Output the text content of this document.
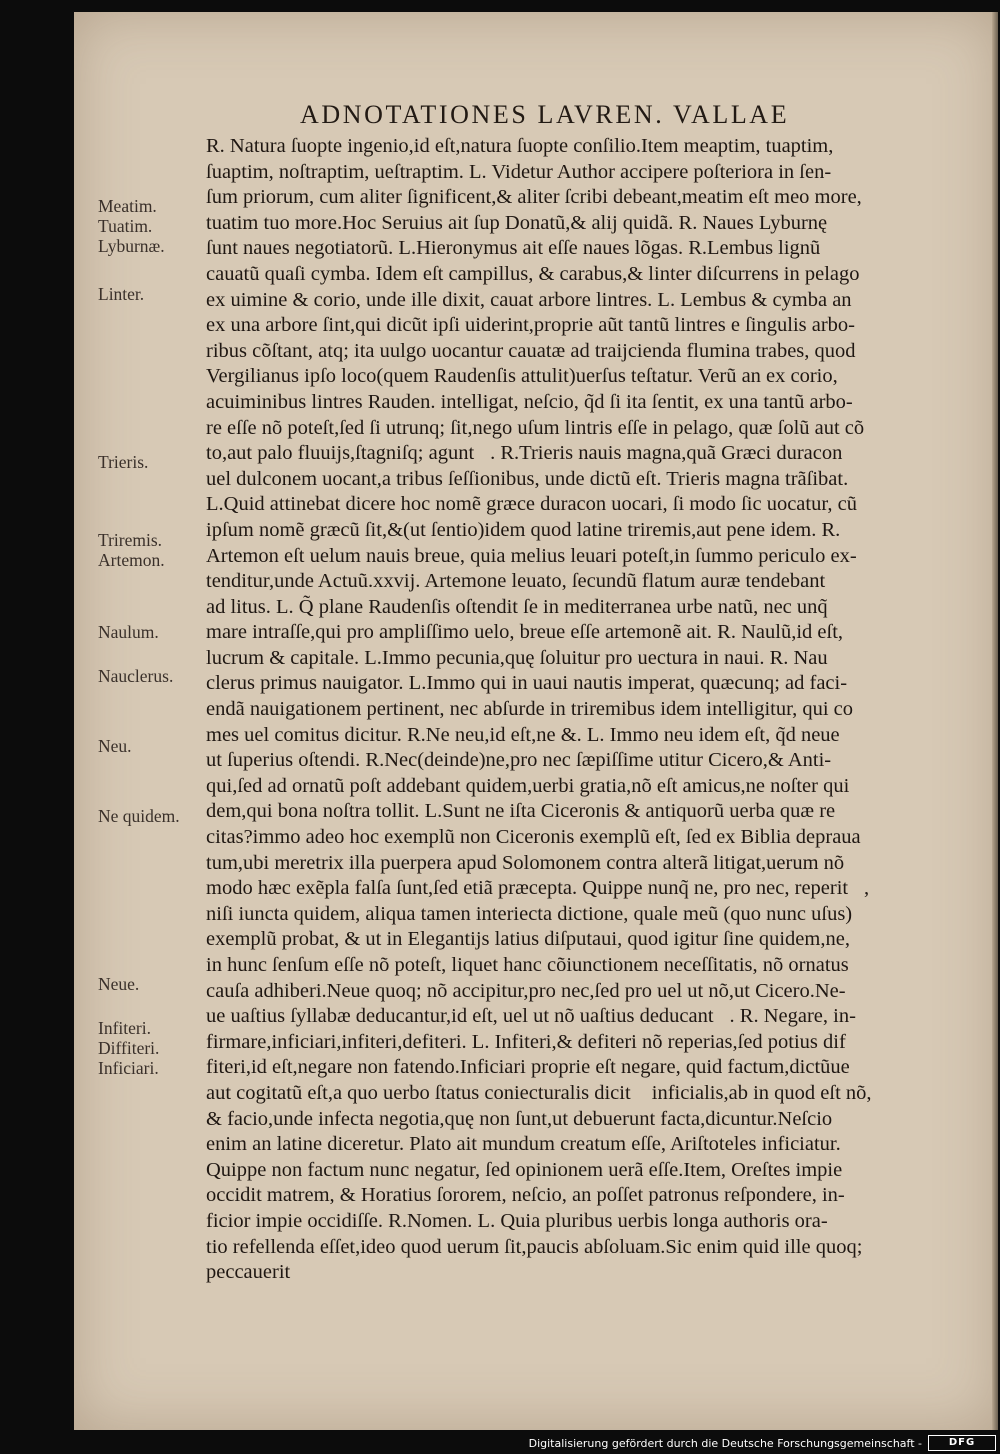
ADNOTATIONES LAVREN. VALLAE
Meatim.
Tuatim.
Lyburnæ.
Linter.
Trieris.
Triremis.
Artemon.
Naulum.
Nauclerus.
Neu.
Ne quidem.
Neue.
Infiteri.
Diffiteri.
Inficiari.
R. Natura ſuopte ingenio,id eſt,natura ſuopte conſilio.Item meaptim, tuaptim,
ſuaptim, noſtraptim, ueſtraptim. L. Videtur Author accipere poſteriora in ſen-
ſum priorum, cum aliter ſignificent,& aliter ſcribi debeant,meatim eſt meo more,
tuatim tuo more.Hoc Seruius ait ſup Donatũ,& alij quidã. R. Naues Lyburnę
ſunt naues negotiatorũ. L.Hieronymus ait eſſe naues lõgas. R.Lembus lignũ
cauatũ quaſi cymba. Idem eſt campillus, & carabus,& linter diſcurrens in pelago
ex uimine & corio, unde ille dixit, cauat arbore lintres. L. Lembus & cymba an
ex una arbore ſint,qui dicũt ipſi uiderint,proprie aũt tantũ lintres e ſingulis arbo-
ribus cõſtant, atq; ita uulgo uocantur cauatæ ad traijcienda flumina trabes, quod
Vergilianus ipſo loco(quem Raudenſis attulit)uerſus teſtatur. Verũ an ex corio,
acuiminibus lintres Rauden. intelligat, neſcio, q̃d ſi ita ſentit, ex una tantũ arbo-
re eſſe nõ poteſt,ſed ſi utrunq; ſit,nego uſum lintris eſſe in pelago, quæ ſolũ aut cõ
to,aut palo fluuijs,ſtagniſq; aguntᷣ. R.Trieris nauis magna,quã Græci duracon
uel dulconem uocant,a tribus ſeſſionibus, unde dictũ eſt. Trieris magna trãſibat.
L.Quid attinebat dicere hoc nomẽ græce duracon uocari, ſi modo ſic uocatur, cũ
ipſum nomẽ græcũ ſit,&(ut ſentio)idem quod latine triremis,aut pene idem. R.
Artemon eſt uelum nauis breue, quia melius leuari poteſt,in ſummo periculo ex-
tenditur,unde Actuũ.xxvij. Artemone leuato, ſecundũ flatum auræ tendebant
ad litus. L. Q̃ plane Raudenſis oſtendit ſe in mediterranea urbe natũ, nec unq̃
mare intraſſe,qui pro ampliſſimo uelo, breue eſſe artemonẽ ait. R. Naulũ,id eſt,
lucrum & capitale. L.Immo pecunia,quę ſoluitur pro uectura in naui. R. Nau
clerus primus nauigator. L.Immo qui in uaui nautis imperat, quæcunq; ad faci-
endã nauigationem pertinent, nec abſurde in triremibus idem intelligitur, qui co
mes uel comitus dicitur. R.Ne neu,id eſt,ne &. L. Immo neu idem eſt, q̃d neue
ut ſuperius oſtendi. R.Nec(deinde)ne,pro nec ſæpiſſime utitur Cicero,& Anti-
qui,ſed ad ornatũ poſt addebant quidem,uerbi gratia,nõ eſt amicus,ne noſter qui
dem,qui bona noſtra tollit. L.Sunt ne iſta Ciceronis & antiquorũ uerba quæ re
citas?immo adeo hoc exemplũ non Ciceronis exemplũ eſt, ſed ex Biblia deprauа
tum,ubi meretrix illa puerpera apud Solomonem contra alterã litigat,uerum nõ
modo hæc exẽpla falſa ſunt,ſed etiã præcepta. Quippe nunq̃ ne, pro nec, reperitᷣ,
niſi iuncta quidem, aliqua tamen interiecta dictione, quale meũ (quo nunc uſus)
exemplũ probat, & ut in Elegantijs latius diſputaui, quod igitur ſine quidem,ne,
in hunc ſenſum eſſe nõ poteſt, liquet hanc cõiunctionem neceſſitatis, nõ ornatus
cauſa adhiberi.Neue quoq; nõ accipitur,pro nec,ſed pro uel ut nõ,ut Cicero.Ne-
ue uaſtius ſyllabæ deducantur,id eſt, uel ut nõ uaſtius deducantᷣ. R. Negare, in-
firmare,inficiari,infiteri,defiteri. L. Infiteri,& defiteri nõ reperias,ſed potius dif
fiteri,id eſt,negare non fatendo.Inficiari proprie eſt negare, quid factum,dictũue
aut cogitatũ eſt,a quo uerbo ſtatus coniecturalis dicitᷣ inficialis,ab in quod eſt nõ,
& facio,unde infecta negotia,quę non ſunt,ut debuerunt facta,dicuntur.Neſcio
enim an latine diceretur. Plato ait mundum creatum eſſe, Ariſtoteles inficiatur.
Quippe non factum nunc negatur, ſed opinionem uerã eſſe.Item, Oreſtes impie
occidit matrem, & Horatius ſororem, neſcio, an poſſet patronus reſpondere, in-
ficior impie occidiſſe. R.Nomen. L. Quia pluribus uerbis longa authoris ora-
tio refellenda eſſet,ideo quod uerum ſit,paucis abſoluam.Sic enim quid ille quoq;
peccauerit
Digitalisierung gefördert durch die Deutsche Forschungsgemeinschaft -	DFG
